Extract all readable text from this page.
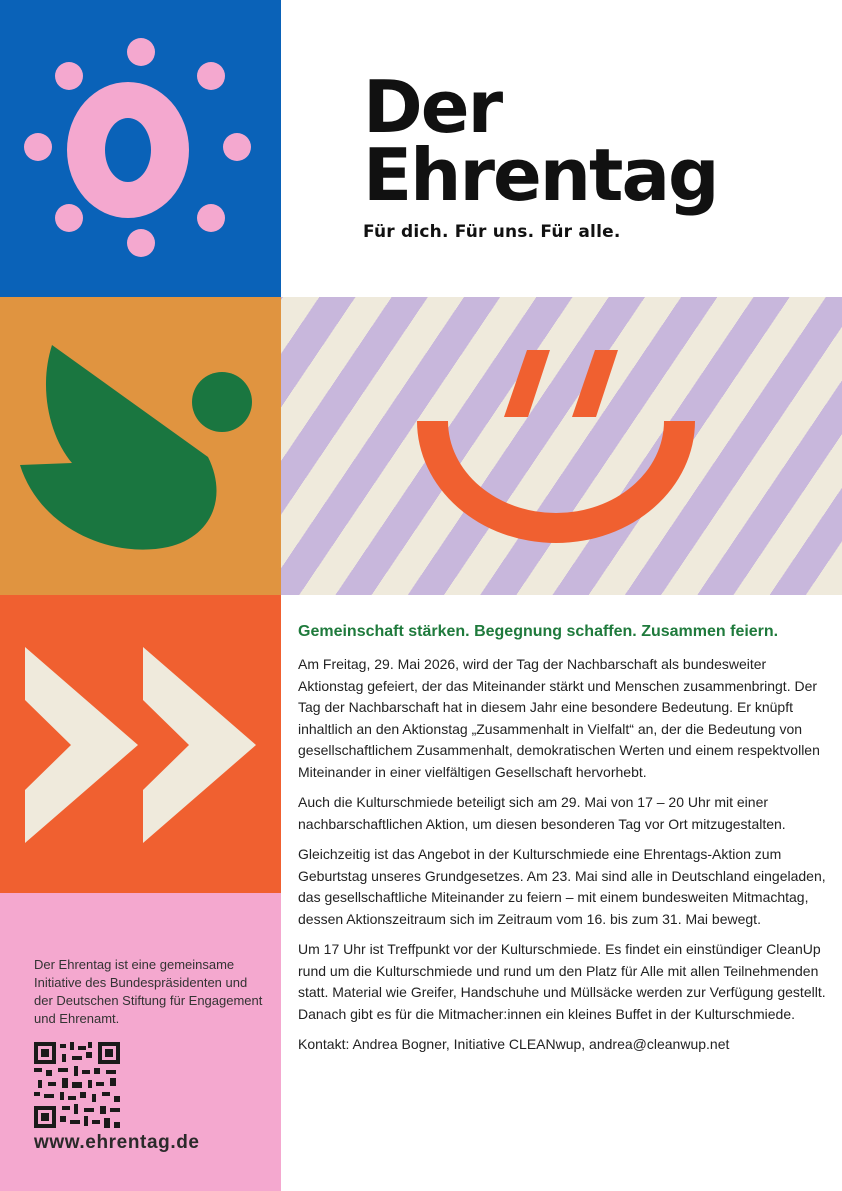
Der
Ehrentag
Für dich. Für uns. Für alle.
Der Ehrentag ist eine gemeinsame Initiative des Bundespräsidenten und der Deutschen Stiftung für Engagement und Ehrenamt.
www.ehrentag.de
Gemeinschaft stärken. Begegnung schaffen. Zusammen feiern.

Am Freitag, 29. Mai 2026, wird der Tag der Nachbarschaft als bundesweiter Aktionstag gefeiert, der das Miteinander stärkt und Menschen zusammenbringt. Der Tag der Nachbarschaft hat in diesem Jahr eine besondere Bedeutung. Er knüpft inhaltlich an den Aktionstag „Zusammenhalt in Vielfalt“ an, der die Bedeutung von gesellschaftlichem Zusammenhalt, demokratischen Werten und einem respektvollen Miteinander in einer vielfältigen Gesellschaft hervorhebt.

Auch die Kulturschmiede beteiligt sich am 29. Mai von 17 – 20 Uhr mit einer nachbarschaftlichen Aktion, um diesen besonderen Tag vor Ort mitzugestalten.

Gleichzeitig ist das Angebot in der Kulturschmiede eine Ehrentags-Aktion zum Geburtstag unseres Grundgesetzes. Am 23. Mai sind alle in Deutschland eingeladen, das gesellschaftliche Miteinander zu feiern – mit einem bundesweiten Mitmachtag, dessen Aktionszeitraum sich im Zeitraum vom 16. bis zum 31. Mai bewegt.

Um 17 Uhr ist Treffpunkt vor der Kulturschmiede. Es findet ein einstündiger CleanUp rund um die Kulturschmiede und rund um den Platz für Alle mit allen Teilnehmenden statt. Material wie Greifer, Handschuhe und Müllsäcke werden zur Verfügung gestellt.
Danach gibt es für die Mitmacher:innen ein kleines Buffet in der Kulturschmiede.

Kontakt: Andrea Bogner, Initiative CLEANwup, andrea@cleanwup.net
